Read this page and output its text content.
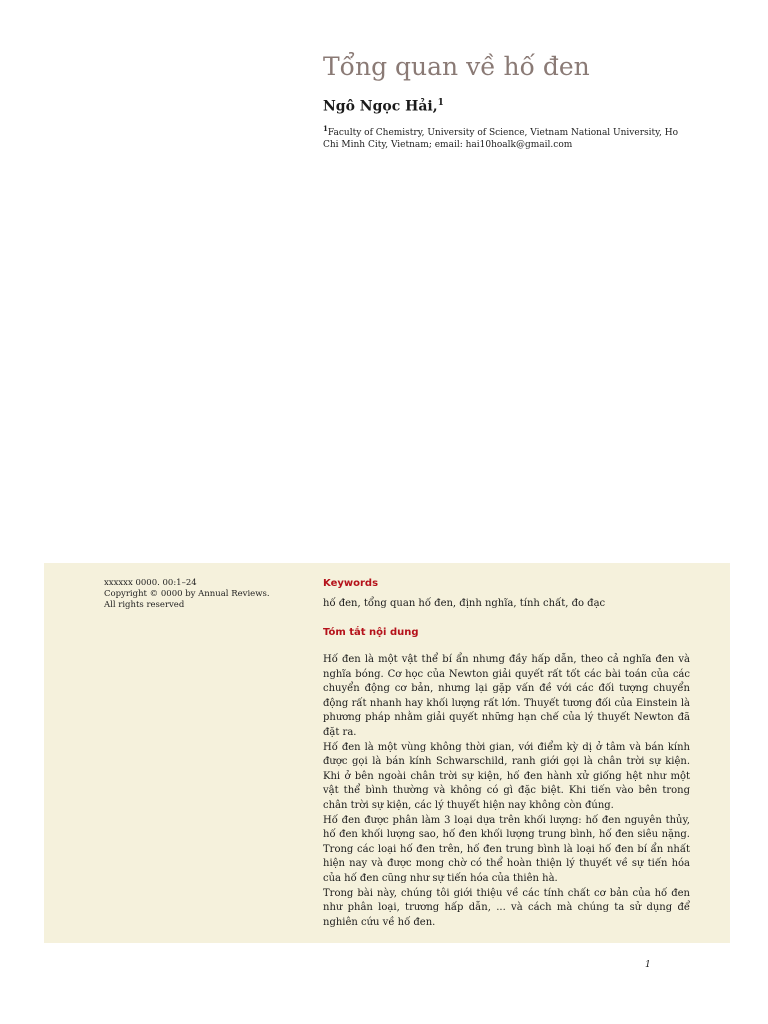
Tổng quan về hố đen
Ngô Ngọc Hải,$^1$
$^1$Faculty of Chemistry, University of Science, Vietnam National University, Ho Chi Minh City, Vietnam; email: hai10hoalk@gmail.com
xxxxxx 0000. 00:1–24
Copyright © 0000 by Annual Reviews.
All rights reserved
Keywords
hố đen, tổng quan hố đen, định nghĩa, tính chất, đo đạc
Tóm tắt nội dung

Hố đen là một vật thể bí ẩn nhưng đầy hấp dẫn, theo cả nghĩa đen và nghĩa bóng. Cơ học của Newton giải quyết rất tốt các bài toán của các chuyển động cơ bản, nhưng lại gặp vấn đề với các đối tượng chuyển động rất nhanh hay khối lượng rất lớn. Thuyết tương đối của Einstein là phương pháp nhằm giải quyết những hạn chế của lý thuyết Newton đã đặt ra.

Hố đen là một vùng không thời gian, với điểm kỳ dị ở tâm và bán kính được gọi là bán kính Schwarschild, ranh giới gọi là chân trời sự kiện. Khi ở bên ngoài chân trời sự kiện, hố đen hành xử giống hệt như một vật thể bình thường và không có gì đặc biệt. Khi tiến vào bên trong chân trời sự kiện, các lý thuyết hiện nay không còn đúng.

Hố đen được phân làm 3 loại dựa trên khối lượng: hố đen nguyên thủy, hố đen khối lượng sao, hố đen khối lượng trung bình, hố đen siêu nặng. Trong các loại hố đen trên, hố đen trung bình là loại hố đen bí ẩn nhất hiện nay và được mong chờ có thể hoàn thiện lý thuyết về sự tiến hóa của hố đen cũng như sự tiến hóa của thiên hà.

Trong bài này, chúng tôi giới thiệu về các tính chất cơ bản của hố đen như phân loại, trương hấp dẫn, ... và cách mà chúng ta sử dụng để nghiên cứu về hố đen.

1
